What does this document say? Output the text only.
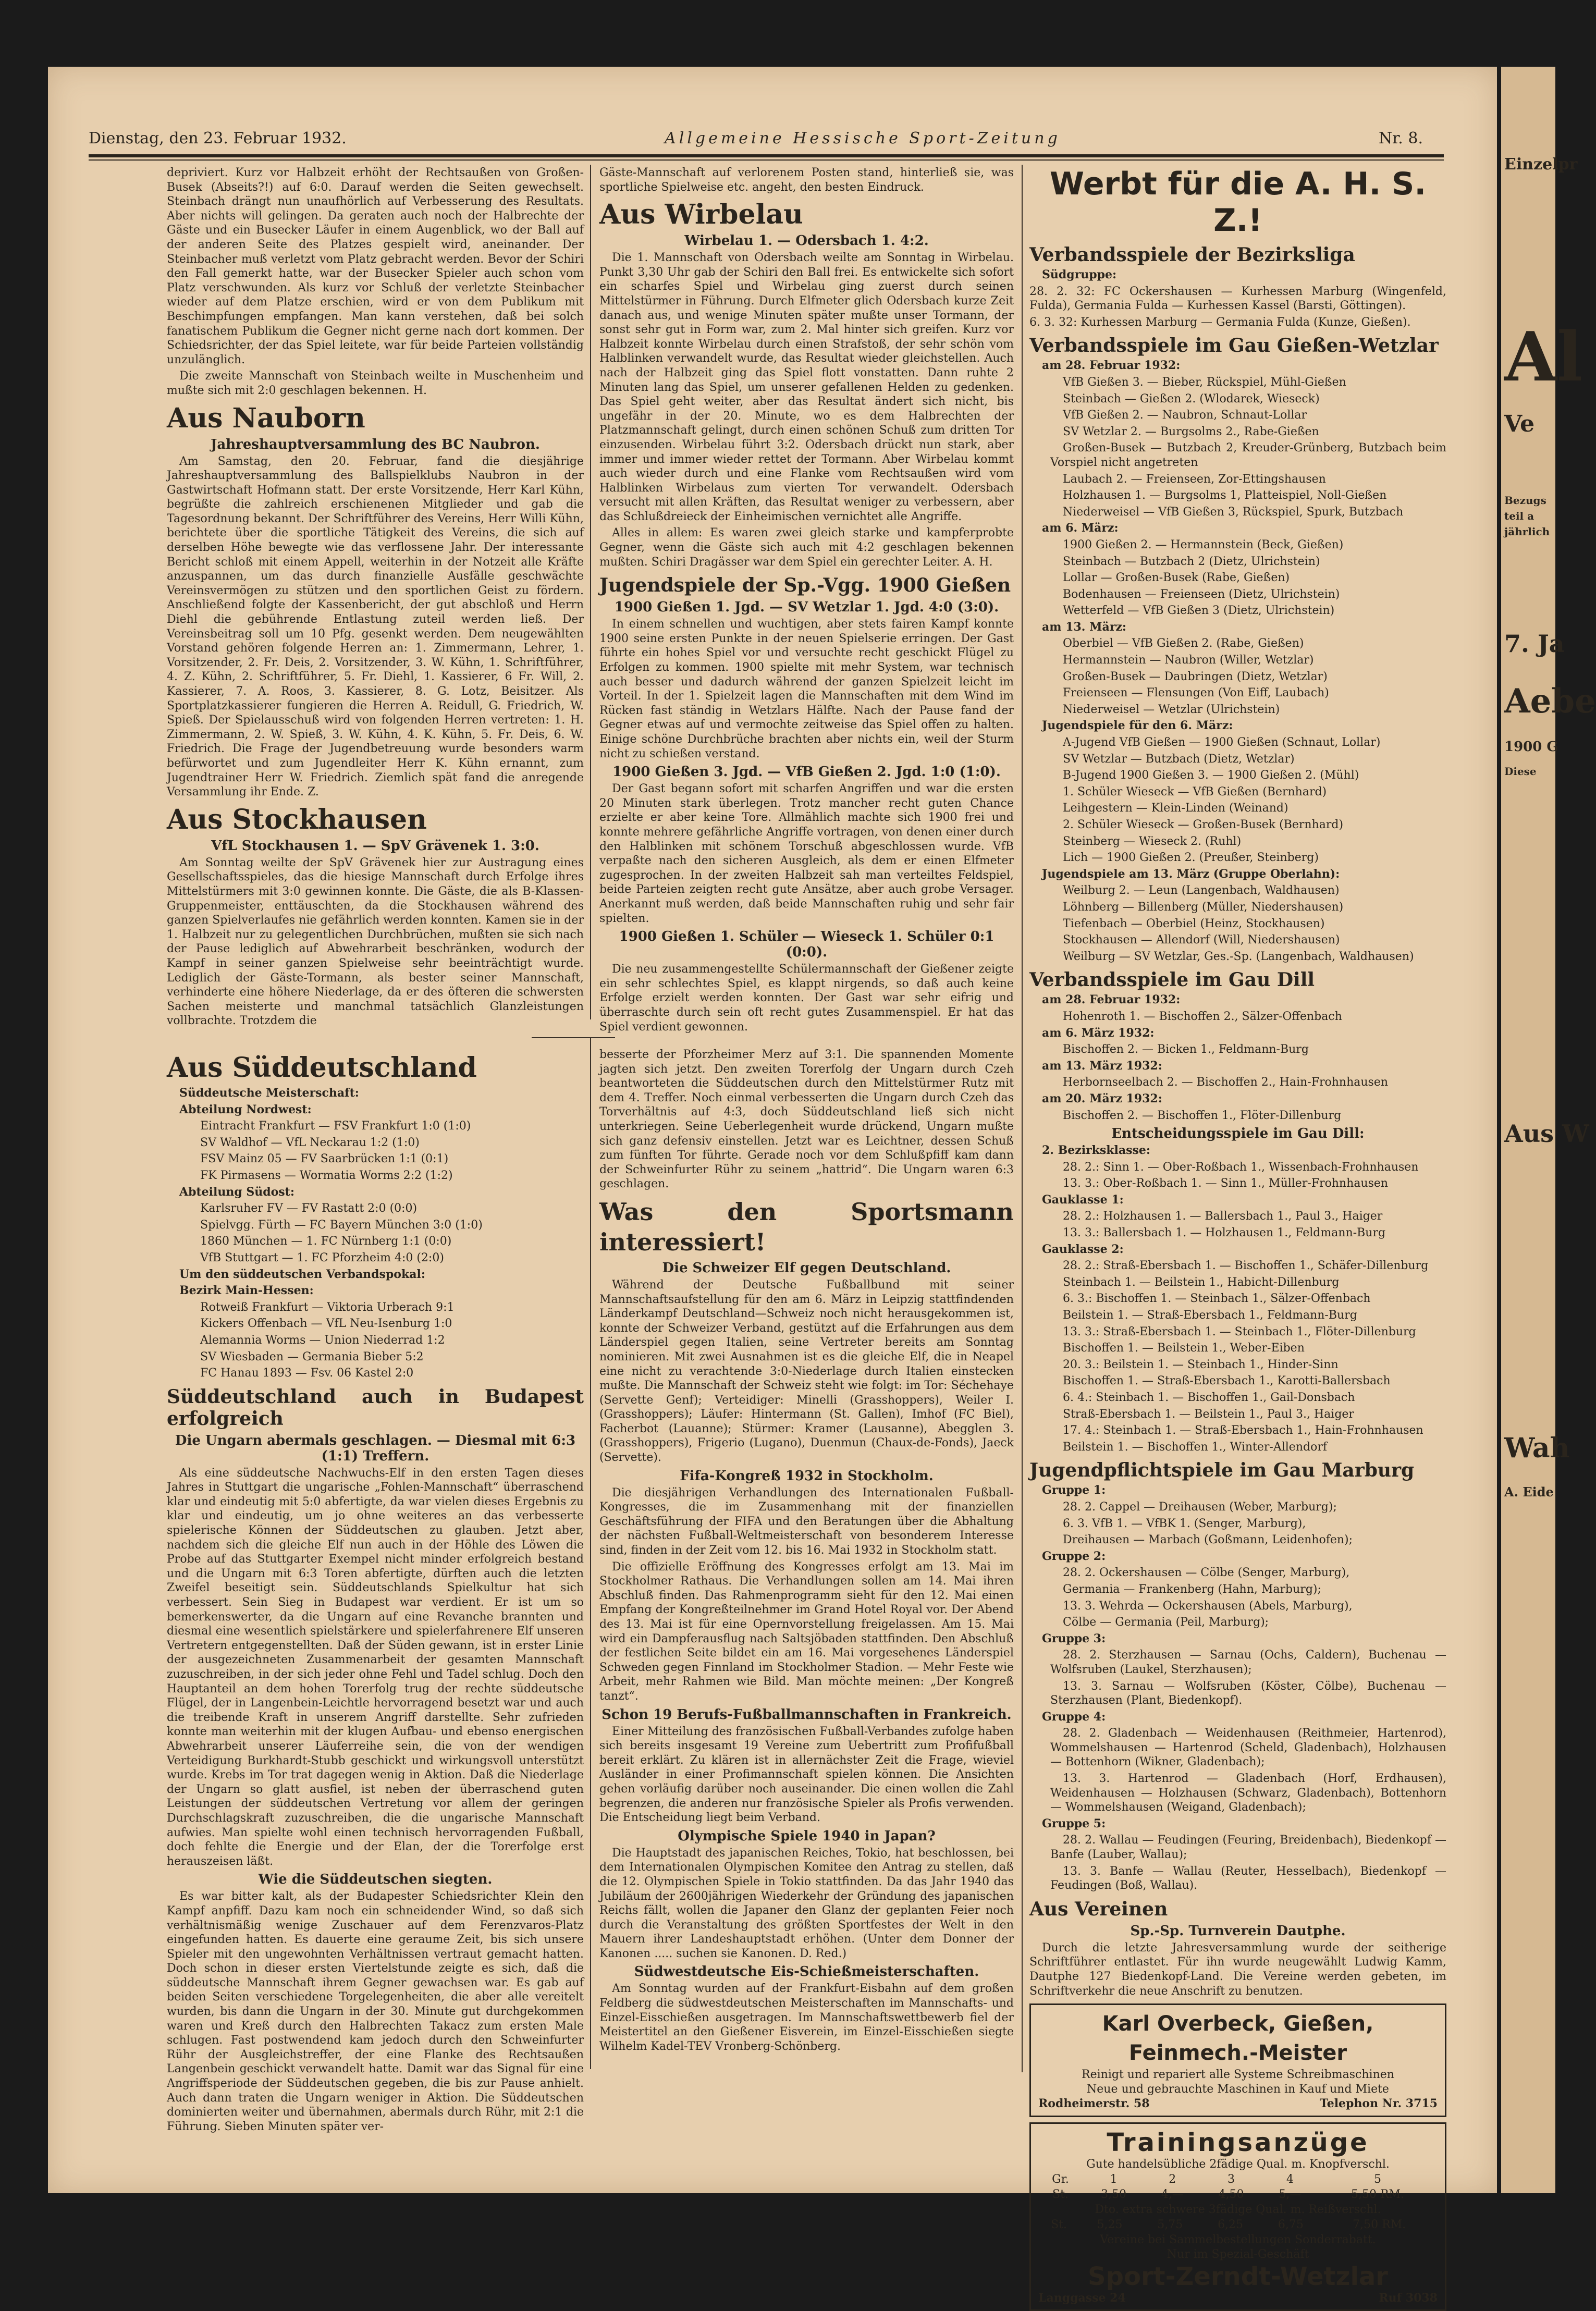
Einzelpr
Al
Ve
Bezugs
teil a
jährlich
7. Ja
Aebe
1900 G
Diese
Aus W
Wah
A. Eide
Dienstag, den 23. Februar 1932.	Allgemeine Hessische Sport-Zeitung	Nr. 8.

depriviert. Kurz vor Halbzeit erhöht der Rechtsaußen von Großen-Busek (Abseits?!) auf 6:0. Darauf werden die Seiten gewechselt. Steinbach drängt nun unaufhörlich auf Verbesserung des Resultats. Aber nichts will gelingen. Da geraten auch noch der Halbrechte der Gäste und ein Busecker Läufer in einem Augenblick, wo der Ball auf der anderen Seite des Platzes gespielt wird, aneinander. Der Steinbacher muß verletzt vom Platz gebracht werden. Bevor der Schiri den Fall gemerkt hatte, war der Busecker Spieler auch schon vom Platz verschwunden. Als kurz vor Schluß der verletzte Steinbacher wieder auf dem Platze erschien, wird er von dem Publikum mit Beschimpfungen empfangen. Man kann verstehen, daß bei solch fanatischem Publikum die Gegner nicht gerne nach dort kommen. Der Schiedsrichter, der das Spiel leitete, war für beide Parteien vollständig unzulänglich.

Die zweite Mannschaft von Steinbach weilte in Muschenheim und mußte sich mit 2:0 geschlagen bekennen. H.

Aus Nauborn
Jahreshauptversammlung des BC Naubron.

Am Samstag, den 20. Februar, fand die diesjährige Jahreshauptversammlung des Ballspielklubs Naubron in der Gastwirtschaft Hofmann statt. Der erste Vorsitzende, Herr Karl Kühn, begrüßte die zahlreich erschienenen Mitglieder und gab die Tagesordnung bekannt. Der Schriftführer des Vereins, Herr Willi Kühn, berichtete über die sportliche Tätigkeit des Vereins, die sich auf derselben Höhe bewegte wie das verflossene Jahr. Der interessante Bericht schloß mit einem Appell, weiterhin in der Notzeit alle Kräfte anzuspannen, um das durch finanzielle Ausfälle geschwächte Vereinsvermögen zu stützen und den sportlichen Geist zu fördern. Anschließend folgte der Kassenbericht, der gut abschloß und Herrn Diehl die gebührende Entlastung zuteil werden ließ. Der Vereinsbeitrag soll um 10 Pfg. gesenkt werden. Dem neugewählten Vorstand gehören folgende Herren an: 1. Zimmermann, Lehrer, 1. Vorsitzender, 2. Fr. Deis, 2. Vorsitzender, 3. W. Kühn, 1. Schriftführer, 4. Z. Kühn, 2. Schriftführer, 5. Fr. Diehl, 1. Kassierer, 6 Fr. Will, 2. Kassierer, 7. A. Roos, 3. Kassierer, 8. G. Lotz, Beisitzer. Als Sportplatzkassierer fungieren die Herren A. Reidull, G. Friedrich, W. Spieß. Der Spielausschuß wird von folgenden Herren vertreten: 1. H. Zimmermann, 2. W. Spieß, 3. W. Kühn, 4. K. Kühn, 5. Fr. Deis, 6. W. Friedrich. Die Frage der Jugendbetreuung wurde besonders warm befürwortet und zum Jugendleiter Herr K. Kühn ernannt, zum Jugendtrainer Herr W. Friedrich. Ziemlich spät fand die anregende Versammlung ihr Ende. Z.

Aus Stockhausen
VfL Stockhausen 1. — SpV Grävenek 1. 3:0.

Am Sonntag weilte der SpV Grävenek hier zur Austragung eines Gesellschaftsspieles, das die hiesige Mannschaft durch Erfolge ihres Mittelstürmers mit 3:0 gewinnen konnte. Die Gäste, die als B-Klassen-Gruppenmeister, enttäuschten, da die Stockhausen während des ganzen Spielverlaufes nie gefährlich werden konnten. Kamen sie in der 1. Halbzeit nur zu gelegentlichen Durchbrüchen, mußten sie sich nach der Pause lediglich auf Abwehrarbeit beschränken, wodurch der Kampf in seiner ganzen Spielweise sehr beeinträchtigt wurde. Lediglich der Gäste-Tormann, als bester seiner Mannschaft, verhinderte eine höhere Niederlage, da er des öfteren die schwersten Sachen meisterte und manchmal tatsächlich Glanzleistungen vollbrachte. Trotzdem die

Gäste-Mannschaft auf verlorenem Posten stand, hinterließ sie, was sportliche Spielweise etc. angeht, den besten Eindruck.

Aus Wirbelau
Wirbelau 1. — Odersbach 1. 4:2.

Die 1. Mannschaft von Odersbach weilte am Sonntag in Wirbelau. Punkt 3,30 Uhr gab der Schiri den Ball frei. Es entwickelte sich sofort ein scharfes Spiel und Wirbelau ging zuerst durch seinen Mittelstürmer in Führung. Durch Elfmeter glich Odersbach kurze Zeit danach aus, und wenige Minuten später mußte unser Tormann, der sonst sehr gut in Form war, zum 2. Mal hinter sich greifen. Kurz vor Halbzeit konnte Wirbelau durch einen Strafstoß, der sehr schön vom Halblinken verwandelt wurde, das Resultat wieder gleichstellen. Auch nach der Halbzeit ging das Spiel flott vonstatten. Dann ruhte 2 Minuten lang das Spiel, um unserer gefallenen Helden zu gedenken. Das Spiel geht weiter, aber das Resultat ändert sich nicht, bis ungefähr in der 20. Minute, wo es dem Halbrechten der Platzmannschaft gelingt, durch einen schönen Schuß zum dritten Tor einzusenden. Wirbelau führt 3:2. Odersbach drückt nun stark, aber immer und immer wieder rettet der Tormann. Aber Wirbelau kommt auch wieder durch und eine Flanke vom Rechtsaußen wird vom Halblinken Wirbelaus zum vierten Tor verwandelt. Odersbach versucht mit allen Kräften, das Resultat weniger zu verbessern, aber das Schlußdreieck der Einheimischen vernichtet alle Angriffe.

Alles in allem: Es waren zwei gleich starke und kampferprobte Gegner, wenn die Gäste sich auch mit 4:2 geschlagen bekennen mußten. Schiri Dragässer war dem Spiel ein gerechter Leiter. A. H.

Jugendspiele der Sp.-Vgg. 1900 Gießen
1900 Gießen 1. Jgd. — SV Wetzlar 1. Jgd. 4:0 (3:0).

In einem schnellen und wuchtigen, aber stets fairen Kampf konnte 1900 seine ersten Punkte in der neuen Spielserie erringen. Der Gast führte ein hohes Spiel vor und versuchte recht geschickt Flügel zu Erfolgen zu kommen. 1900 spielte mit mehr System, war technisch auch besser und dadurch während der ganzen Spielzeit leicht im Vorteil. In der 1. Spielzeit lagen die Mannschaften mit dem Wind im Rücken fast ständig in Wetzlars Hälfte. Nach der Pause fand der Gegner etwas auf und vermochte zeitweise das Spiel offen zu halten. Einige schöne Durchbrüche brachten aber nichts ein, weil der Sturm nicht zu schießen verstand.

1900 Gießen 3. Jgd. — VfB Gießen 2. Jgd. 1:0 (1:0).

Der Gast begann sofort mit scharfen Angriffen und war die ersten 20 Minuten stark überlegen. Trotz mancher recht guten Chance erzielte er aber keine Tore. Allmählich machte sich 1900 frei und konnte mehrere gefährliche Angriffe vortragen, von denen einer durch den Halblinken mit schönem Torschuß abgeschlossen wurde. VfB verpaßte nach den sicheren Ausgleich, als dem er einen Elfmeter zugesprochen. In der zweiten Halbzeit sah man verteiltes Feldspiel, beide Parteien zeigten recht gute Ansätze, aber auch grobe Versager. Anerkannt muß werden, daß beide Mannschaften ruhig und sehr fair spielten.

1900 Gießen 1. Schüler — Wieseck 1. Schüler 0:1 (0:0).

Die neu zusammengestellte Schülermannschaft der Gießener zeigte ein sehr schlechtes Spiel, es klappt nirgends, so daß auch keine Erfolge erzielt werden konnten. Der Gast war sehr eifrig und überraschte durch sein oft recht gutes Zusammenspiel. Er hat das Spiel verdient gewonnen.

Aus Süddeutschland

Süddeutsche Meisterschaft:

Abteilung Nordwest:

Eintracht Frankfurt — FSV Frankfurt 1:0 (1:0)

SV Waldhof — VfL Neckarau 1:2 (1:0)

FSV Mainz 05 — FV Saarbrücken 1:1 (0:1)

FK Pirmasens — Wormatia Worms 2:2 (1:2)

Abteilung Südost:

Karlsruher FV — FV Rastatt 2:0 (0:0)

Spielvgg. Fürth — FC Bayern München 3:0 (1:0)

1860 München — 1. FC Nürnberg 1:1 (0:0)

VfB Stuttgart — 1. FC Pforzheim 4:0 (2:0)

Um den süddeutschen Verbandspokal:

Bezirk Main-Hessen:

Rotweiß Frankfurt — Viktoria Urberach 9:1

Kickers Offenbach — VfL Neu-Isenburg 1:0

Alemannia Worms — Union Niederrad 1:2

SV Wiesbaden — Germania Bieber 5:2

FC Hanau 1893 — Fsv. 06 Kastel 2:0

Süddeutschland auch in Budapest erfolgreich
Die Ungarn abermals geschlagen. — Diesmal mit 6:3 (1:1) Treffern.

Als eine süddeutsche Nachwuchs-Elf in den ersten Tagen dieses Jahres in Stuttgart die ungarische „Fohlen-Mannschaft“ überraschend klar und eindeutig mit 5:0 abfertigte, da war vielen dieses Ergebnis zu klar und eindeutig, um jo ohne weiteres an das verbesserte spielerische Können der Süddeutschen zu glauben. Jetzt aber, nachdem sich die gleiche Elf nun auch in der Höhle des Löwen die Probe auf das Stuttgarter Exempel nicht minder erfolgreich bestand und die Ungarn mit 6:3 Toren abfertigte, dürften auch die letzten Zweifel beseitigt sein. Süddeutschlands Spielkultur hat sich verbessert. Sein Sieg in Budapest war verdient. Er ist um so bemerkenswerter, da die Ungarn auf eine Revanche brannten und diesmal eine wesentlich spielstärkere und spielerfahrenere Elf unseren Vertretern entgegenstellten. Daß der Süden gewann, ist in erster Linie der ausgezeichneten Zusammenarbeit der gesamten Mannschaft zuzuschreiben, in der sich jeder ohne Fehl und Tadel schlug. Doch den Hauptanteil an dem hohen Torerfolg trug der rechte süddeutsche Flügel, der in Langenbein-Leichtle hervorragend besetzt war und auch die treibende Kraft in unserem Angriff darstellte. Sehr zufrieden konnte man weiterhin mit der klugen Aufbau- und ebenso energischen Abwehrarbeit unserer Läuferreihe sein, die von der wendigen Verteidigung Burkhardt-Stubb geschickt und wirkungsvoll unterstützt wurde. Krebs im Tor trat dagegen wenig in Aktion. Daß die Niederlage der Ungarn so glatt ausfiel, ist neben der überraschend guten Leistungen der süddeutschen Vertretung vor allem der geringen Durchschlagskraft zuzuschreiben, die die ungarische Mannschaft aufwies. Man spielte wohl einen technisch hervorragenden Fußball, doch fehlte die Energie und der Elan, der die Torerfolge erst herauszeisen läßt.

Wie die Süddeutschen siegten.

Es war bitter kalt, als der Budapester Schiedsrichter Klein den Kampf anpfiff. Dazu kam noch ein schneidender Wind, so daß sich verhältnismäßig wenige Zuschauer auf dem Ferenzvaros-Platz eingefunden hatten. Es dauerte eine geraume Zeit, bis sich unsere Spieler mit den ungewohnten Verhältnissen vertraut gemacht hatten. Doch schon in dieser ersten Viertelstunde zeigte es sich, daß die süddeutsche Mannschaft ihrem Gegner gewachsen war. Es gab auf beiden Seiten verschiedene Torgelegenheiten, die aber alle vereitelt wurden, bis dann die Ungarn in der 30. Minute gut durchgekommen waren und Kreß durch den Halbrechten Takacz zum ersten Male schlugen. Fast postwendend kam jedoch durch den Schweinfurter Rühr der Ausgleichstreffer, der eine Flanke des Rechtsaußen Langenbein geschickt verwandelt hatte. Damit war das Signal für eine Angriffsperiode der Süddeutschen gegeben, die bis zur Pause anhielt. Auch dann traten die Ungarn weniger in Aktion. Die Süddeutschen dominierten weiter und übernahmen, abermals durch Rühr, mit 2:1 die Führung. Sieben Minuten später ver-

besserte der Pforzheimer Merz auf 3:1. Die spannenden Momente jagten sich jetzt. Den zweiten Torerfolg der Ungarn durch Czeh beantworteten die Süddeutschen durch den Mittelstürmer Rutz mit dem 4. Treffer. Noch einmal verbesserten die Ungarn durch Czeh das Torverhältnis auf 4:3, doch Süddeutschland ließ sich nicht unterkriegen. Seine Ueberlegenheit wurde drückend, Ungarn mußte sich ganz defensiv einstellen. Jetzt war es Leichtner, dessen Schuß zum fünften Tor führte. Gerade noch vor dem Schlußpfiff kam dann der Schweinfurter Rühr zu seinem „hattrid“. Die Ungarn waren 6:3 geschlagen.

Was den Sportsmann interessiert!
Die Schweizer Elf gegen Deutschland.

Während der Deutsche Fußballbund mit seiner Mannschaftsaufstellung für den am 6. März in Leipzig stattfindenden Länderkampf Deutschland—Schweiz noch nicht herausgekommen ist, konnte der Schweizer Verband, gestützt auf die Erfahrungen aus dem Länderspiel gegen Italien, seine Vertreter bereits am Sonntag nominieren. Mit zwei Ausnahmen ist es die gleiche Elf, die in Neapel eine nicht zu verachtende 3:0-Niederlage durch Italien einstecken mußte. Die Mannschaft der Schweiz steht wie folgt: im Tor: Séchehaye (Servette Genf); Verteidiger: Minelli (Grasshoppers), Weiler I. (Grasshoppers); Läufer: Hintermann (St. Gallen), Imhof (FC Biel), Facherbot (Lauanne); Stürmer: Kramer (Lausanne), Abegglen 3. (Grasshoppers), Frigerio (Lugano), Duenmun (Chaux-de-Fonds), Jaeck (Servette).

Fifa-Kongreß 1932 in Stockholm.

Die diesjährigen Verhandlungen des Internationalen Fußball-Kongresses, die im Zusammenhang mit der finanziellen Geschäftsführung der FIFA und den Beratungen über die Abhaltung der nächsten Fußball-Weltmeisterschaft von besonderem Interesse sind, finden in der Zeit vom 12. bis 16. Mai 1932 in Stockholm statt.

Die offizielle Eröffnung des Kongresses erfolgt am 13. Mai im Stockholmer Rathaus. Die Verhandlungen sollen am 14. Mai ihren Abschluß finden. Das Rahmenprogramm sieht für den 12. Mai einen Empfang der Kongreßteilnehmer im Grand Hotel Royal vor. Der Abend des 13. Mai ist für eine Opernvorstellung freigelassen. Am 15. Mai wird ein Dampferausflug nach Saltsjöbaden stattfinden. Den Abschluß der festlichen Seite bildet ein am 16. Mai vorgesehenes Länderspiel Schweden gegen Finnland im Stockholmer Stadion. — Mehr Feste wie Arbeit, mehr Rahmen wie Bild. Man möchte meinen: „Der Kongreß tanzt“.

Schon 19 Berufs-Fußballmannschaften in Frankreich.

Einer Mitteilung des französischen Fußball-Verbandes zufolge haben sich bereits insgesamt 19 Vereine zum Uebertritt zum Profifußball bereit erklärt. Zu klären ist in allernächster Zeit die Frage, wieviel Ausländer in einer Profimannschaft spielen können. Die Ansichten gehen vorläufig darüber noch auseinander. Die einen wollen die Zahl begrenzen, die anderen nur französische Spieler als Profis verwenden. Die Entscheidung liegt beim Verband.

Olympische Spiele 1940 in Japan?

Die Hauptstadt des japanischen Reiches, Tokio, hat beschlossen, bei dem Internationalen Olympischen Komitee den Antrag zu stellen, daß die 12. Olympischen Spiele in Tokio stattfinden. Da das Jahr 1940 das Jubiläum der 2600jährigen Wiederkehr der Gründung des japanischen Reichs fällt, wollen die Japaner den Glanz der geplanten Feier noch durch die Veranstaltung des größten Sportfestes der Welt in den Mauern ihrer Landeshauptstadt erhöhen. (Unter dem Donner der Kanonen ..... suchen sie Kanonen. D. Red.)

Südwestdeutsche Eis-Schießmeisterschaften.

Am Sonntag wurden auf der Frankfurt-Eisbahn auf dem großen Feldberg die südwestdeutschen Meisterschaften im Mannschafts- und Einzel-Eisschießen ausgetragen. Im Mannschaftswettbewerb fiel der Meistertitel an den Gießener Eisverein, im Einzel-Eisschießen siegte Wilhelm Kadel-TEV Vronberg-Schönberg.

Werbt für die A. H. S. Z.!
Verbandsspiele der Bezirksliga

Südgruppe:

28. 2. 32: FC Ockershausen — Kurhessen Marburg (Wingenfeld, Fulda), Germania Fulda — Kurhessen Kassel (Barsti, Göttingen).

6. 3. 32: Kurhessen Marburg — Germania Fulda (Kunze, Gießen).

Verbandsspiele im Gau Gießen-Wetzlar

am 28. Februar 1932:

VfB Gießen 3. — Bieber, Rückspiel, Mühl-Gießen

Steinbach — Gießen 2. (Wlodarek, Wieseck)

VfB Gießen 2. — Naubron, Schnaut-Lollar

SV Wetzlar 2. — Burgsolms 2., Rabe-Gießen

Großen-Busek — Butzbach 2, Kreuder-Grünberg, Butzbach beim Vorspiel nicht angetreten

Laubach 2. — Freienseen, Zor-Ettingshausen

Holzhausen 1. — Burgsolms 1, Platteispiel, Noll-Gießen

Niederweisel — VfB Gießen 3, Rückspiel, Spurk, Butzbach

am 6. März:

1900 Gießen 2. — Hermannstein (Beck, Gießen)

Steinbach — Butzbach 2 (Dietz, Ulrichstein)

Lollar — Großen-Busek (Rabe, Gießen)

Bodenhausen — Freienseen (Dietz, Ulrichstein)

Wetterfeld — VfB Gießen 3 (Dietz, Ulrichstein)

am 13. März:

Oberbiel — VfB Gießen 2. (Rabe, Gießen)

Hermannstein — Naubron (Willer, Wetzlar)

Großen-Busek — Daubringen (Dietz, Wetzlar)

Freienseen — Flensungen (Von Eiff, Laubach)

Niederweisel — Wetzlar (Ulrichstein)

Jugendspiele für den 6. März:

A-Jugend VfB Gießen — 1900 Gießen (Schnaut, Lollar)

SV Wetzlar — Butzbach (Dietz, Wetzlar)

B-Jugend 1900 Gießen 3. — 1900 Gießen 2. (Mühl)

1. Schüler Wieseck — VfB Gießen (Bernhard)

Leihgestern — Klein-Linden (Weinand)

2. Schüler Wieseck — Großen-Busek (Bernhard)

Steinberg — Wieseck 2. (Ruhl)

Lich — 1900 Gießen 2. (Preußer, Steinberg)

Jugendspiele am 13. März (Gruppe Oberlahn):

Weilburg 2. — Leun (Langenbach, Waldhausen)

Löhnberg — Billenberg (Müller, Niedershausen)

Tiefenbach — Oberbiel (Heinz, Stockhausen)

Stockhausen — Allendorf (Will, Niedershausen)

Weilburg — SV Wetzlar, Ges.-Sp. (Langenbach, Waldhausen)

Verbandsspiele im Gau Dill

am 28. Februar 1932:

Hohenroth 1. — Bischoffen 2., Sälzer-Offenbach

am 6. März 1932:

Bischoffen 2. — Bicken 1., Feldmann-Burg

am 13. März 1932:

Herbornseelbach 2. — Bischoffen 2., Hain-Frohnhausen

am 20. März 1932:

Bischoffen 2. — Bischoffen 1., Flöter-Dillenburg

Entscheidungsspiele im Gau Dill:

2. Bezirksklasse:

28. 2.: Sinn 1. — Ober-Roßbach 1., Wissenbach-Frohnhausen

13. 3.: Ober-Roßbach 1. — Sinn 1., Müller-Frohnhausen

Gauklasse 1:

28. 2.: Holzhausen 1. — Ballersbach 1., Paul 3., Haiger

13. 3.: Ballersbach 1. — Holzhausen 1., Feldmann-Burg

Gauklasse 2:

28. 2.: Straß-Ebersbach 1. — Bischoffen 1., Schäfer-Dillenburg

Steinbach 1. — Beilstein 1., Habicht-Dillenburg

6. 3.: Bischoffen 1. — Steinbach 1., Sälzer-Offenbach

Beilstein 1. — Straß-Ebersbach 1., Feldmann-Burg

13. 3.: Straß-Ebersbach 1. — Steinbach 1., Flöter-Dillenburg

Bischoffen 1. — Beilstein 1., Weber-Eiben

20. 3.: Beilstein 1. — Steinbach 1., Hinder-Sinn

Bischoffen 1. — Straß-Ebersbach 1., Karotti-Ballersbach

6. 4.: Steinbach 1. — Bischoffen 1., Gail-Donsbach

Straß-Ebersbach 1. — Beilstein 1., Paul 3., Haiger

17. 4.: Steinbach 1. — Straß-Ebersbach 1., Hain-Frohnhausen

Beilstein 1. — Bischoffen 1., Winter-Allendorf

Jugendpflichtspiele im Gau Marburg

Gruppe 1:

28. 2. Cappel — Dreihausen (Weber, Marburg);

6. 3. VfB 1. — VfBK 1. (Senger, Marburg),

Dreihausen — Marbach (Goßmann, Leidenhofen);

Gruppe 2:

28. 2. Ockershausen — Cölbe (Senger, Marburg),

Germania — Frankenberg (Hahn, Marburg);

13. 3. Wehrda — Ockershausen (Abels, Marburg),

Cölbe — Germania (Peil, Marburg);

Gruppe 3:

28. 2. Sterzhausen — Sarnau (Ochs, Caldern), Buchenau — Wolfsruben (Laukel, Sterzhausen);

13. 3. Sarnau — Wolfsruben (Köster, Cölbe), Buchenau — Sterzhausen (Plant, Biedenkopf).

Gruppe 4:

28. 2. Gladenbach — Weidenhausen (Reithmeier, Hartenrod), Wommelshausen — Hartenrod (Scheld, Gladenbach), Holzhausen — Bottenhorn (Wikner, Gladenbach);

13. 3. Hartenrod — Gladenbach (Horf, Erdhausen), Weidenhausen — Holzhausen (Schwarz, Gladenbach), Bottenhorn — Wommelshausen (Weigand, Gladenbach);

Gruppe 5:

28. 2. Wallau — Feudingen (Feuring, Breidenbach), Biedenkopf — Banfe (Lauber, Wallau);

13. 3. Banfe — Wallau (Reuter, Hesselbach), Biedenkopf — Feudingen (Boß, Wallau).

Aus Vereinen
Sp.-Sp. Turnverein Dautphe.

Durch die letzte Jahresversammlung wurde der seitherige Schriftführer entlastet. Für ihn wurde neugewählt Ludwig Kamm, Dautphe 127 Biedenkopf-Land. Die Vereine werden gebeten, im Schriftverkehr die neue Anschrift zu benutzen.

Karl Overbeck, Gießen, Feinmech.-Meister
Reinigt und repariert alle Systeme Schreibmaschinen
Neue und gebrauchte Maschinen in Kauf und Miete
Rodheimerstr. 58	Telephon Nr. 3715
Trainingsanzüge
Gute handelsübliche 2fädige Qual. m. Knopfverschl.
Gr.	1	2	3	4	5
St.	3,50	4,—	4,50	5,—	5,50 RM.
Dto. extra schwere 3fädige Qual. m. Reißverschl.
St.	5,25	5,75	6,25	6,75	7,50 RM.
Vereine bei Sammelbestellungen Sonderrabatt.
Nur im Spezial-Geschäft
Sport-Zerndt-Wetzlar
Langgasse 24	Ruf 3038
